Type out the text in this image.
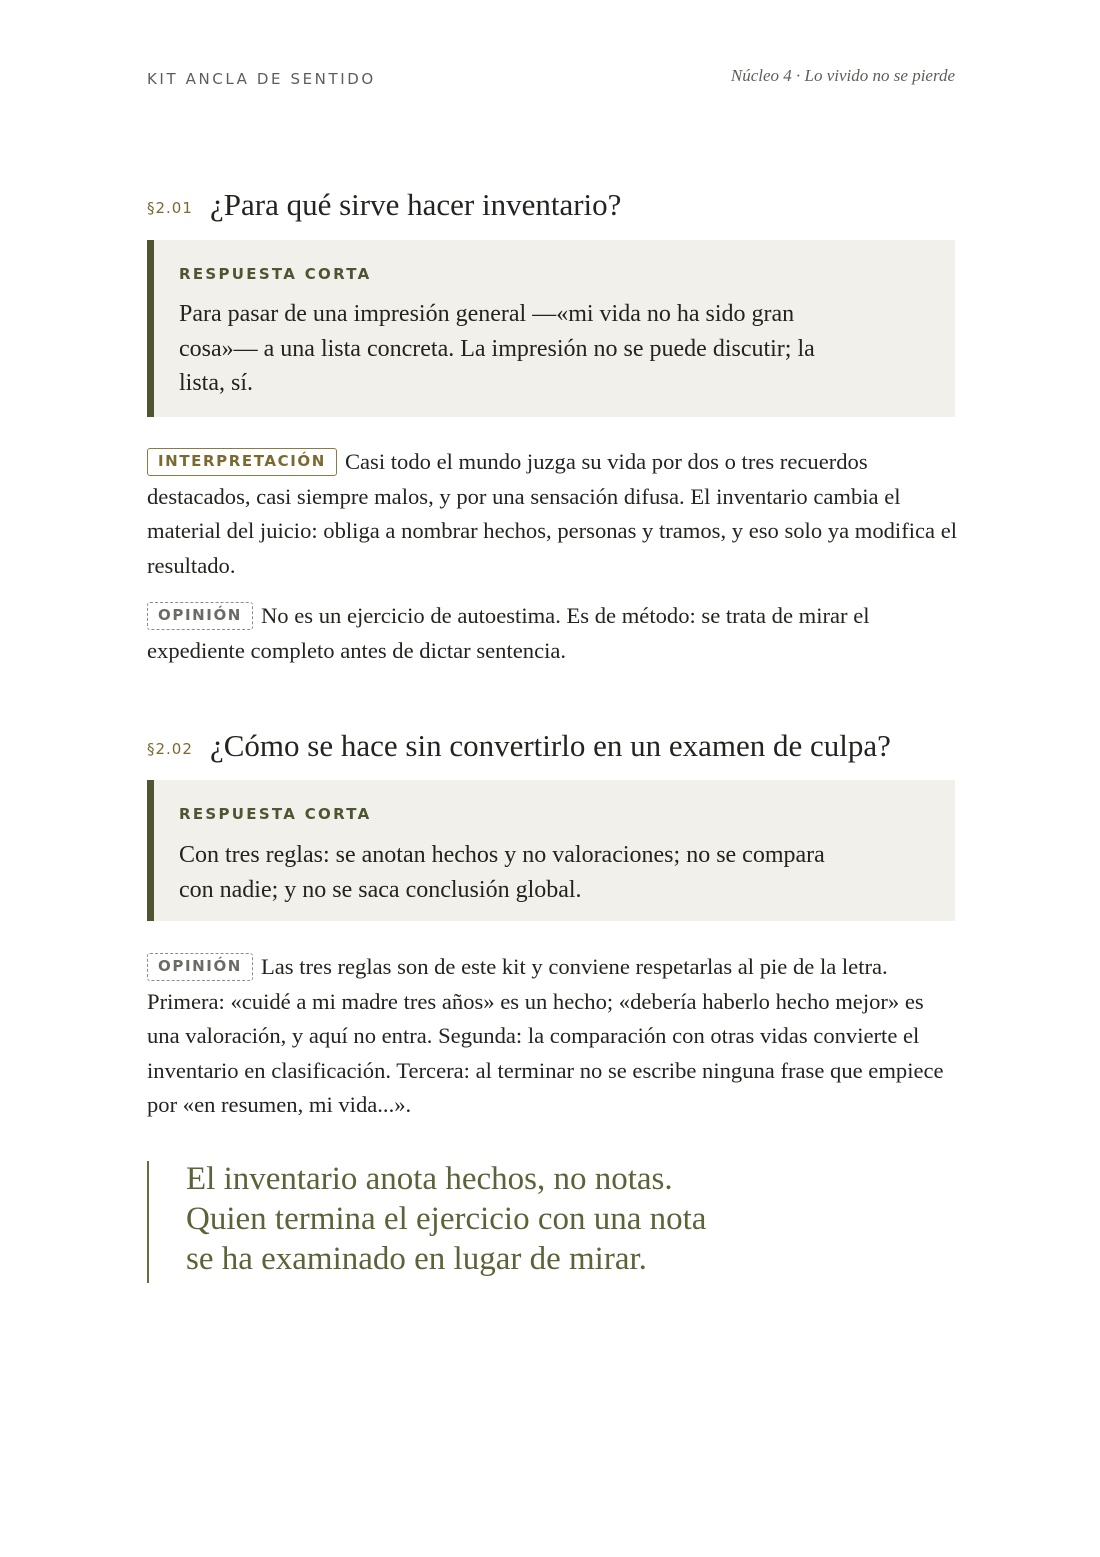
KIT ANCLA DE SENTIDO	Núcleo 4 · Lo vivido no se pierde
§2.01 ¿Para qué sirve hacer inventario?
RESPUESTA CORTA
Para pasar de una impresión general —«mi vida no ha sido gran
cosa»— a una lista concreta. La impresión no se puede discutir; la
lista, sí.
INTERPRETACIÓN Casi todo el mundo juzga su vida por dos o tres recuerdos destacados, casi siempre malos, y por una sensación difusa. El inventario cambia el material del juicio: obliga a nombrar hechos, personas y tramos, y eso solo ya modifica el resultado.
OPINIÓN No es un ejercicio de autoestima. Es de método: se trata de mirar el expediente completo antes de dictar sentencia.
§2.02 ¿Cómo se hace sin convertirlo en un examen de culpa?
RESPUESTA CORTA
Con tres reglas: se anotan hechos y no valoraciones; no se compara
con nadie; y no se saca conclusión global.
OPINIÓN Las tres reglas son de este kit y conviene respetarlas al pie de la letra. Primera: «cuidé a mi madre tres años» es un hecho; «debería haberlo hecho mejor» es una valoración, y aquí no entra. Segunda: la comparación con otras vidas convierte el inventario en clasificación. Tercera: al terminar no se escribe ninguna frase que empiece por «en resumen, mi vida...».
El inventario anota hechos, no notas.
Quien termina el ejercicio con una nota
se ha examinado en lugar de mirar.
